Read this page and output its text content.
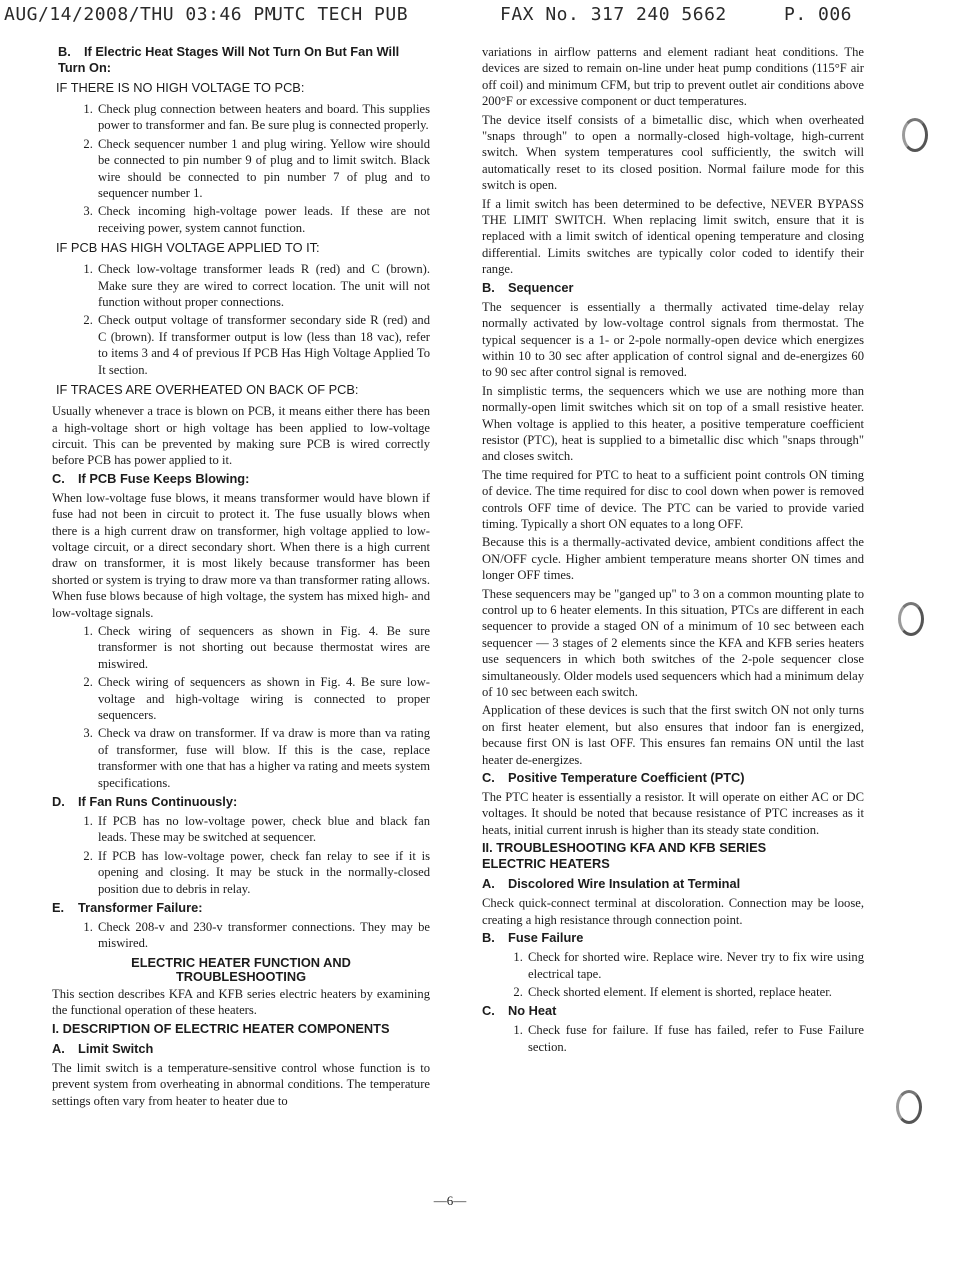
AUG/14/2008/THU 03:46 PM
UTC TECH PUB	FAX No. 317 240 5662	P. 006
B. If Electric Heat Stages Will Not Turn On But Fan Will Turn On:
IF THERE IS NO HIGH VOLTAGE TO PCB:
1. Check plug connection between heaters and board. This supplies power to transformer and fan. Be sure plug is connected properly.
2. Check sequencer number 1 and plug wiring. Yellow wire should be connected to pin number 9 of plug and to limit switch. Black wire should be connected to pin number 7 of plug and to sequencer number 1.
3. Check incoming high-voltage power leads. If these are not receiving power, system cannot function.
IF PCB HAS HIGH VOLTAGE APPLIED TO IT:
1. Check low-voltage transformer leads R (red) and C (brown). Make sure they are wired to correct location. The unit will not function without proper connections.
2. Check output voltage of transformer secondary side R (red) and C (brown). If transformer output is low (less than 18 vac), refer to items 3 and 4 of previous If PCB Has High Voltage Applied To It section.
IF TRACES ARE OVERHEATED ON BACK OF PCB:

Usually whenever a trace is blown on PCB, it means either there has been a high-voltage short or high voltage has been applied to low-voltage circuit. This can be prevented by making sure PCB is wired correctly before PCB has power applied to it.

C. If PCB Fuse Keeps Blowing:

When low-voltage fuse blows, it means transformer would have blown if fuse had not been in circuit to protect it. The fuse usually blows when there is a high current draw on transformer, high voltage applied to low-voltage circuit, or a direct secondary short. When there is a high current draw on transformer, it is most likely because transformer has been shorted or system is trying to draw more va than transformer rating allows. When fuse blows because of high voltage, the system has mixed high- and low-voltage signals.

1. Check wiring of sequencers as shown in Fig. 4. Be sure transformer is not shorting out because thermostat wires are miswired.
2. Check wiring of sequencers as shown in Fig. 4. Be sure low-voltage and high-voltage wiring is connected to proper sequencers.
3. Check va draw on transformer. If va draw is more than va rating of transformer, fuse will blow. If this is the case, replace transformer with one that has a higher va rating and meets system specifications.
D. If Fan Runs Continuously:
1. If PCB has no low-voltage power, check blue and black fan leads. These may be switched at sequencer.
2. If PCB has low-voltage power, check fan relay to see if it is opening and closing. It may be stuck in the normally-closed position due to debris in relay.
E. Transformer Failure:
1. Check 208-v and 230-v transformer connections. They may be miswired.
ELECTRIC HEATER FUNCTION AND
TROUBLESHOOTING

This section describes KFA and KFB series electric heaters by examining the functional operation of these heaters.

I. DESCRIPTION OF ELECTRIC HEATER COMPONENTS
A. Limit Switch

The limit switch is a temperature-sensitive control whose function is to prevent system from overheating in abnormal conditions. The temperature settings often vary from heater to heater due to

variations in airflow patterns and element radiant heat conditions. The devices are sized to remain on-line under heat pump conditions (115°F air off coil) and minimum CFM, but trip to prevent outlet air conditions above 200°F or excessive component or duct temperatures.

The device itself consists of a bimetallic disc, which when overheated "snaps through" to open a normally-closed high-voltage, high-current switch. When system temperatures cool sufficiently, the switch will automatically reset to its closed position. Normal failure mode for this switch is open.

If a limit switch has been determined to be defective, NEVER BYPASS THE LIMIT SWITCH. When replacing limit switch, ensure that it is replaced with a limit switch of identical opening temperature and closing differential. Limits switches are typically color coded to identify their range.

B. Sequencer

The sequencer is essentially a thermally activated time-delay relay normally activated by low-voltage control signals from thermostat. The typical sequencer is a 1- or 2-pole normally-open device which energizes within 10 to 30 sec after application of control signal and de-energizes 60 to 90 sec after control signal is removed.

In simplistic terms, the sequencers which we use are nothing more than normally-open limit switches which sit on top of a small resistive heater. When voltage is applied to this heater, a positive temperature coefficient resistor (PTC), heat is supplied to a bimetallic disc which "snaps through" and closes switch.

The time required for PTC to heat to a sufficient point controls ON timing of device. The time required for disc to cool down when power is removed controls OFF time of device. The PTC can be varied to provide varied timing. Typically a short ON equates to a long OFF.

Because this is a thermally-activated device, ambient conditions affect the ON/OFF cycle. Higher ambient temperature means shorter ON times and longer OFF times.

These sequencers may be "ganged up" to 3 on a common mounting plate to control up to 6 heater elements. In this situation, PTCs are different in each sequencer to provide a staged ON of a minimum of 10 sec between each sequencer — 3 stages of 2 elements since the KFA and KFB series heaters use sequencers in which both switches of the 2-pole sequencer close simultaneously. Older models used sequencers which had a minimum delay of 10 sec between each switch.

Application of these devices is such that the first switch ON not only turns on first heater element, but also ensures that indoor fan is energized, because first ON is last OFF. This ensures fan remains ON until the last heater de-energizes.

C. Positive Temperature Coefficient (PTC)

The PTC heater is essentially a resistor. It will operate on either AC or DC voltages. It should be noted that because resistance of PTC increases as it heats, initial current inrush is higher than its steady state condition.

II. TROUBLESHOOTING KFA AND KFB SERIES
ELECTRIC HEATERS
A. Discolored Wire Insulation at Terminal

Check quick-connect terminal at discoloration. Connection may be loose, creating a high resistance through connection point.

B. Fuse Failure
1. Check for shorted wire. Replace wire. Never try to fix wire using electrical tape.
2. Check shorted element. If element is shorted, replace heater.
C. No Heat
1. Check fuse for failure. If fuse has failed, refer to Fuse Failure section.
—6—
